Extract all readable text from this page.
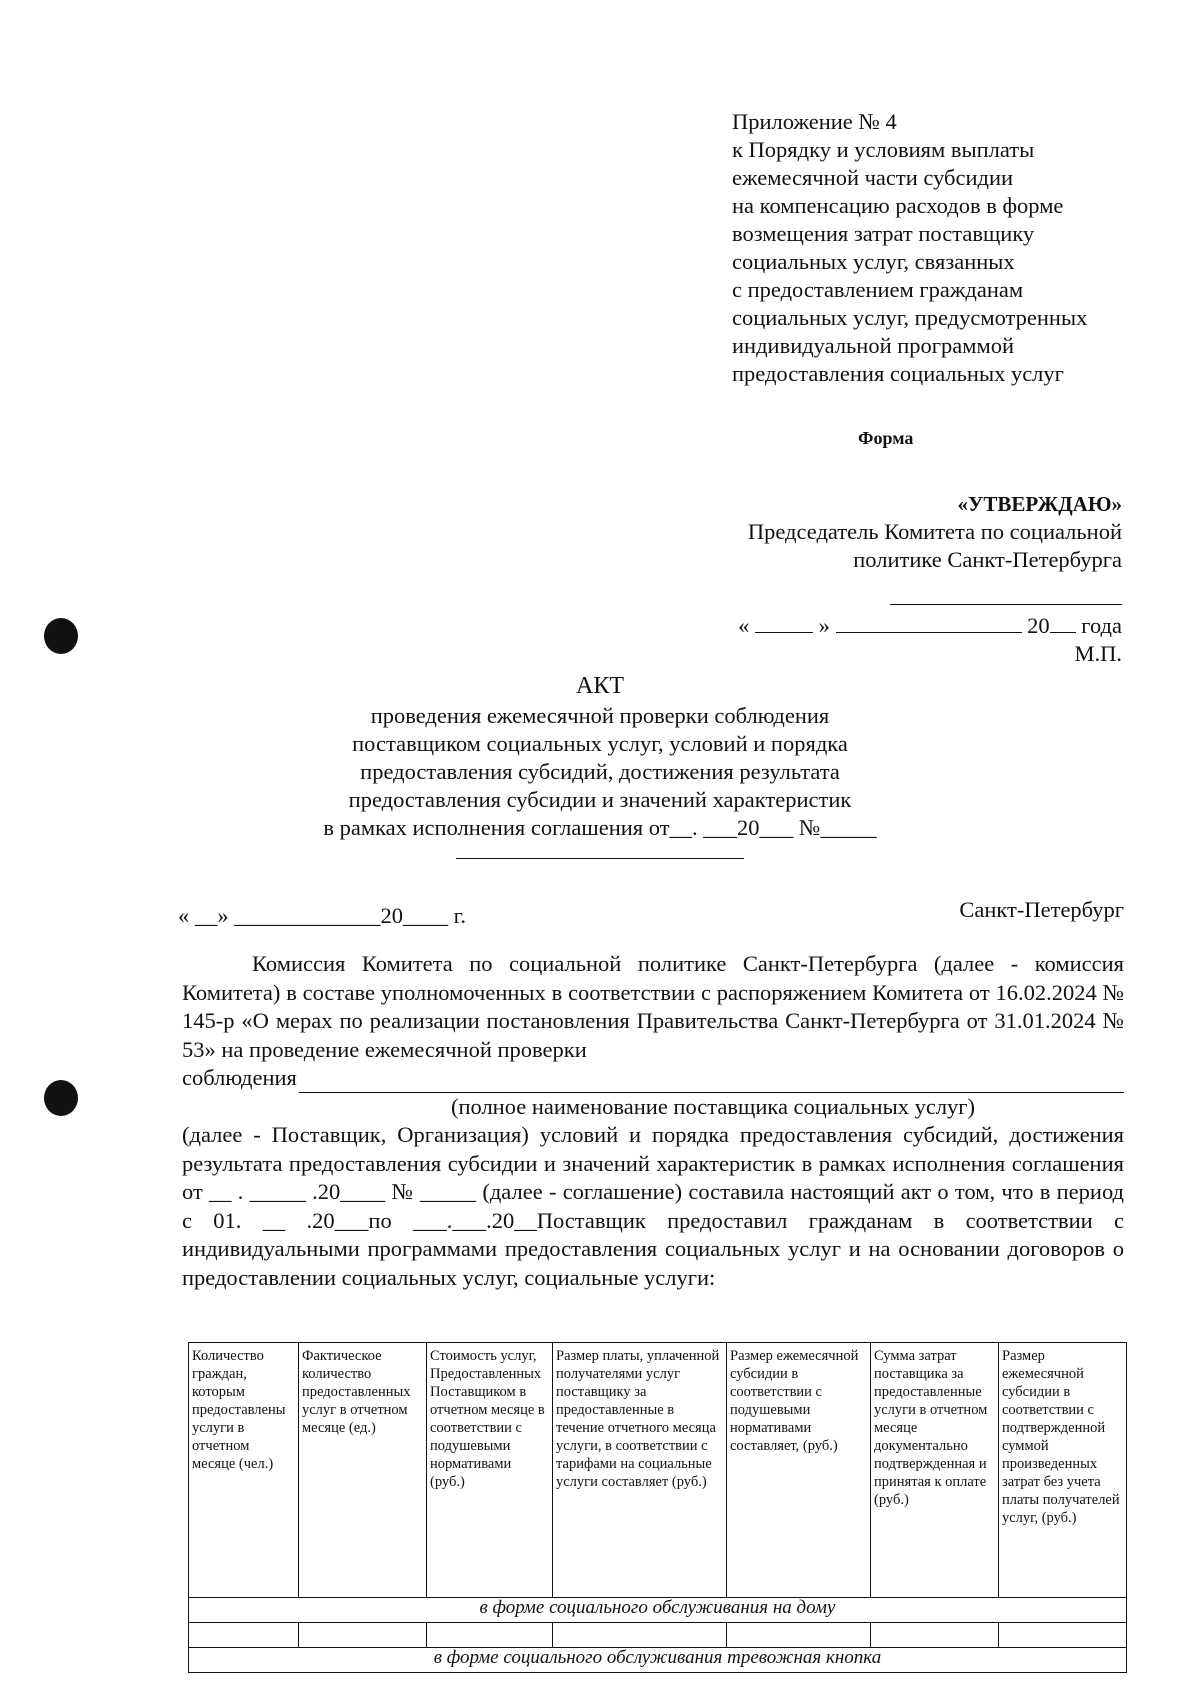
Приложение № 4
к Порядку и условиям выплаты
ежемесячной части субсидии
на компенсацию расходов в форме
возмещения затрат поставщику
социальных услуг, связанных
с предоставлением гражданам
социальных услуг, предусмотренных
индивидуальной программой
предоставления социальных услуг
Форма
«УТВЕРЖДАЮ»
Председатель Комитета по социальной
политике Санкт-Петербурга
«	»	20 года
М.П.
АКТ
проведения ежемесячной проверки соблюдения
поставщиком социальных услуг, условий и порядка
предоставления субсидий, достижения результата
предоставления субсидии и значений характеристик
в рамках исполнения соглашения от__. ___20___ №_____
« __» _____________20____ г.	Санкт-Петербург

Комиссия Комитета по социальной политике Санкт-Петербурга (далее - комиссия Комитета) в составе уполномоченных в соответствии с распоряжением Комитета от 16.02.2024 № 145-р «О мерах по реализации постановления Правительства Санкт-Петербурга от 31.01.2024 № 53» на проведение ежемесячной проверки

соблюдения
(полное наименование поставщика социальных услуг)

(далее - Поставщик, Организация) условий и порядка предоставления субсидий, достижения результата предоставления субсидии и значений характеристик в рамках исполнения соглашения от __ . _____ .20____ № _____ (далее - соглашение) составила настоящий акт о том, что в период с 01. __ .20___по ___.___.20__Поставщик предоставил гражданам в соответствии с индивидуальными программами предоставления социальных услуг и на основании договоров о предоставлении социальных услуг, социальные услуги:

Количество граждан, которым предоставлены услуги в отчетном месяце (чел.)	Фактическое количество предоставленных услуг в отчетном месяце (ед.)	Стоимость услуг, Предоставленных Поставщиком в отчетном месяце в соответствии с подушевыми нормативами (руб.)	Размер платы, уплаченной получателями услуг поставщику за предоставленные в течение отчетного месяца услуги, в соответствии с тарифами на социальные услуги составляет (руб.)	Размер ежемесячной субсидии в соответствии с подушевыми нормативами составляет, (руб.)	Сумма затрат поставщика за предоставленные услуги в отчетном месяце документально подтвержденная и принятая к оплате (руб.)	Размер ежемесячной субсидии в соответствии с подтвержденной суммой произведенных затрат без учета платы получателей услуг, (руб.)
в форме социального обслуживания на дому						

в форме социального обслуживания тревожная кнопка						
